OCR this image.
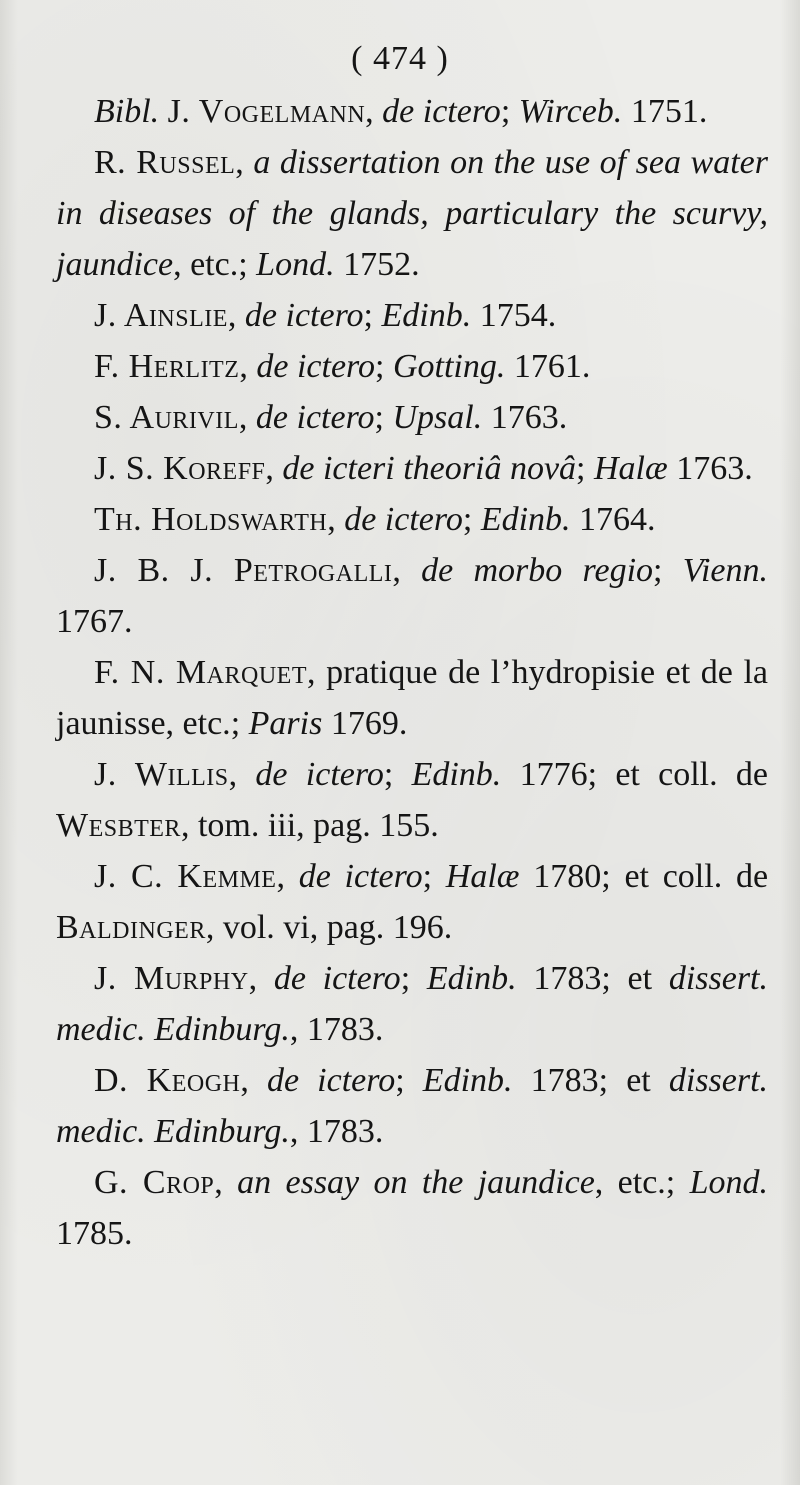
( 474 )

Bibl. J. Vogelmann, de ictero; Wirceb. 1751.

R. Russel, a dissertation on the use of sea water in diseases of the glands, particulary the scurvy, jaundice, etc.; Lond. 1752.

J. Ainslie, de ictero; Edinb. 1754.

F. Herlitz, de ictero; Gotting. 1761.

S. Aurivil, de ictero; Upsal. 1763.

J. S. Koreff, de icteri theoriâ novâ; Halæ 1763.

Th. Holdswarth, de ictero; Edinb. 1764.

J. B. J. Petrogalli, de morbo regio; Vienn. 1767.

F. N. Marquet, pratique de l’hydropisie et de la jaunisse, etc.; Paris 1769.

J. Willis, de ictero; Edinb. 1776; et coll. de Wesbter, tom. iii, pag. 155.

J. C. Kemme, de ictero; Halæ 1780; et coll. de Baldinger, vol. vi, pag. 196.

J. Murphy, de ictero; Edinb. 1783; et dissert. medic. Edinburg., 1783.

D. Keogh, de ictero; Edinb. 1783; et dissert. medic. Edinburg., 1783.

G. Crop, an essay on the jaundice, etc.; Lond. 1785.
